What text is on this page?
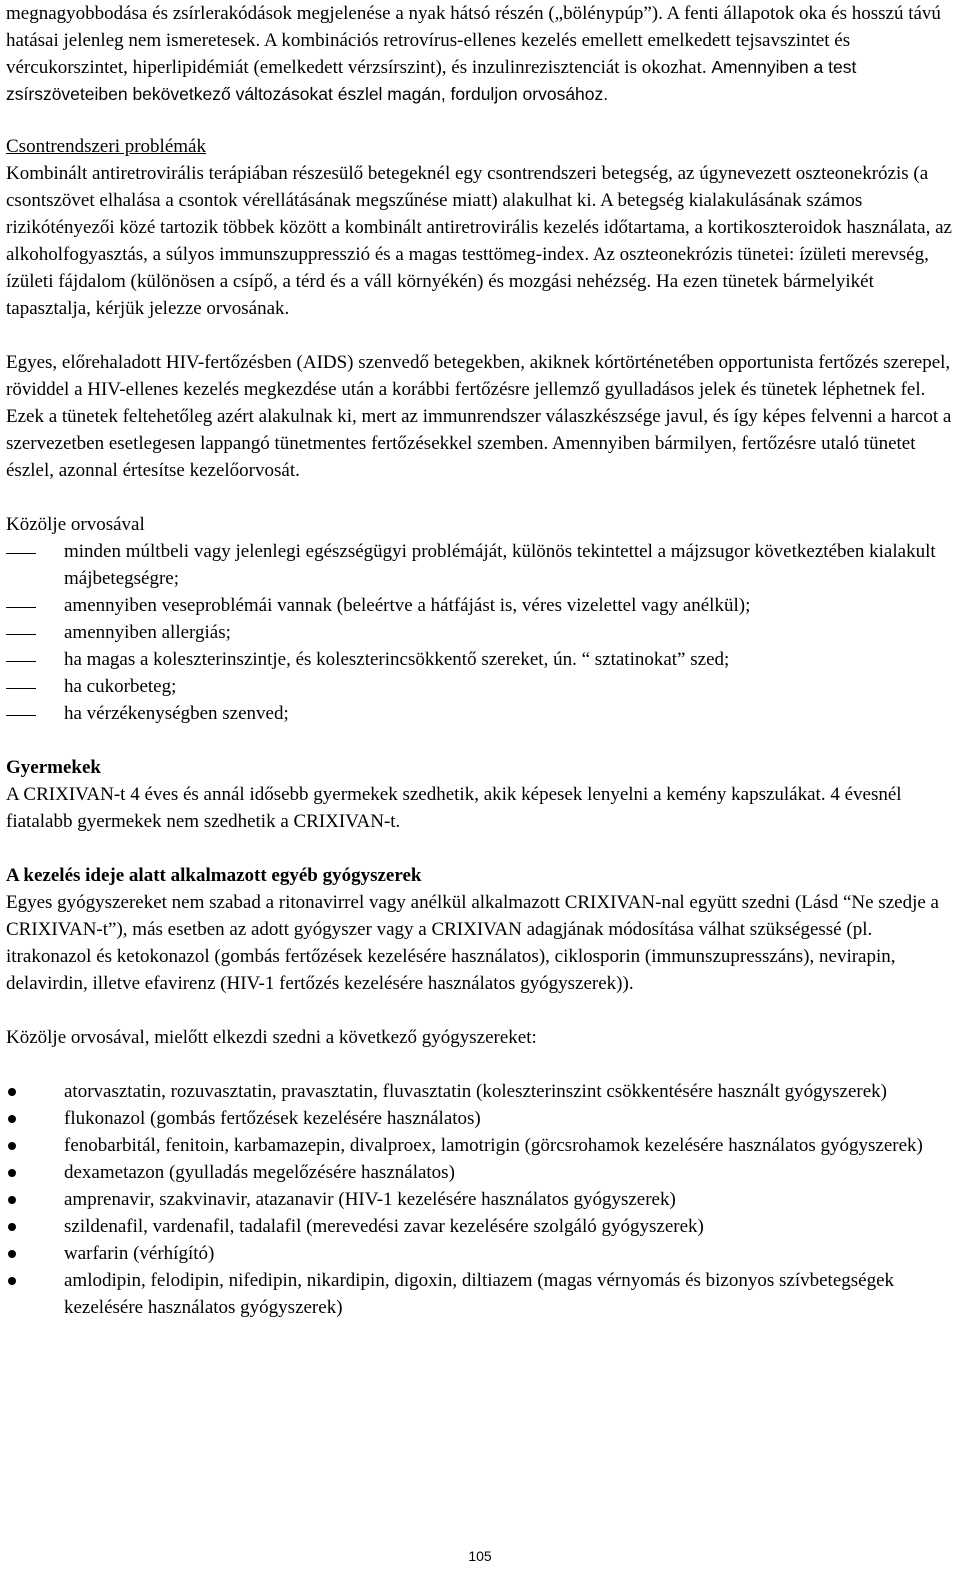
megnagyobbodása és zsírlerakódások megjelenése a nyak hátsó részén („bölénypúp”). A fenti állapotok oka és hosszú távú hatásai jelenleg nem ismeretesek. A kombinációs retrovírus-ellenes kezelés emellett emelkedett tejsavszintet és vércukorszintet, hiperlipidémiát (emelkedett vérzsírszint), és inzulinrezisztenciát is okozhat. Amennyiben a test zsírszöveteiben bekövetkező változásokat észlel magán, forduljon orvosához.

Csontrendszeri problémák

Kombinált antiretrovirális terápiában részesülő betegeknél egy csontrendszeri betegség, az úgynevezett oszteonekrózis (a csontszövet elhalása a csontok vérellátásának megszűnése miatt) alakulhat ki. A betegség kialakulásának számos rizikótényezői közé tartozik többek között a kombinált antiretrovirális kezelés időtartama, a kortikoszteroidok használata, az alkoholfogyasztás, a súlyos immunszuppresszió és a magas testtömeg-index. Az oszteonekrózis tünetei: ízületi merevség, ízületi fájdalom (különösen a csípő, a térd és a váll környékén) és mozgási nehézség. Ha ezen tünetek bármelyikét tapasztalja, kérjük jelezze orvosának.

Egyes, előrehaladott HIV-fertőzésben (AIDS) szenvedő betegekben, akiknek kórtörténetében opportunista fertőzés szerepel, röviddel a HIV-ellenes kezelés megkezdése után a korábbi fertőzésre jellemző gyulladásos jelek és tünetek léphetnek fel. Ezek a tünetek feltehetőleg azért alakulnak ki, mert az immunrendszer válaszkészsége javul, és így képes felvenni a harcot a szervezetben esetlegesen lappangó tünetmentes fertőzésekkel szemben. Amennyiben bármilyen, fertőzésre utaló tünetet észlel, azonnal értesítse kezelőorvosát.

Közölje orvosával

minden múltbeli vagy jelenlegi egészségügyi problémáját, különös tekintettel a májzsugor következtében kialakult májbetegségre;
amennyiben veseproblémái vannak (beleértve a hátfájást is, véres vizelettel vagy anélkül);
amennyiben allergiás;
ha magas a koleszterinszintje, és koleszterincsökkentő szereket, ún. “ sztatinokat” szed;
ha cukorbeteg;
ha vérzékenységben szenved;

Gyermekek

A CRIXIVAN-t 4 éves és annál idősebb gyermekek szedhetik, akik képesek lenyelni a kemény kapszulákat. 4 évesnél fiatalabb gyermekek nem szedhetik a CRIXIVAN-t.

A kezelés ideje alatt alkalmazott egyéb gyógyszerek

Egyes gyógyszereket nem szabad a ritonavirrel vagy anélkül alkalmazott CRIXIVAN-nal együtt szedni (Lásd “Ne szedje a CRIXIVAN-t”), más esetben az adott gyógyszer vagy a CRIXIVAN adagjának módosítása válhat szükségessé (pl. itrakonazol és ketokonazol (gombás fertőzések kezelésére használatos), ciklosporin (immunszupresszáns), nevirapin, delavirdin, illetve efavirenz (HIV-1 fertőzés kezelésére használatos gyógyszerek)).

Közölje orvosával, mielőtt elkezdi szedni a következő gyógyszereket:

atorvasztatin, rozuvasztatin, pravasztatin, fluvasztatin (koleszterinszint csökkentésére használt gyógyszerek)
flukonazol (gombás fertőzések kezelésére használatos)
fenobarbitál, fenitoin, karbamazepin, divalproex, lamotrigin (görcsrohamok kezelésére használatos gyógyszerek)
dexametazon (gyulladás megelőzésére használatos)
amprenavir, szakvinavir, atazanavir (HIV-1 kezelésére használatos gyógyszerek)
szildenafil, vardenafil, tadalafil (merevedési zavar kezelésére szolgáló gyógyszerek)
warfarin (vérhígító)
amlodipin, felodipin, nifedipin, nikardipin, digoxin, diltiazem (magas vérnyomás és bizonyos szívbetegségek kezelésére használatos gyógyszerek)
105
